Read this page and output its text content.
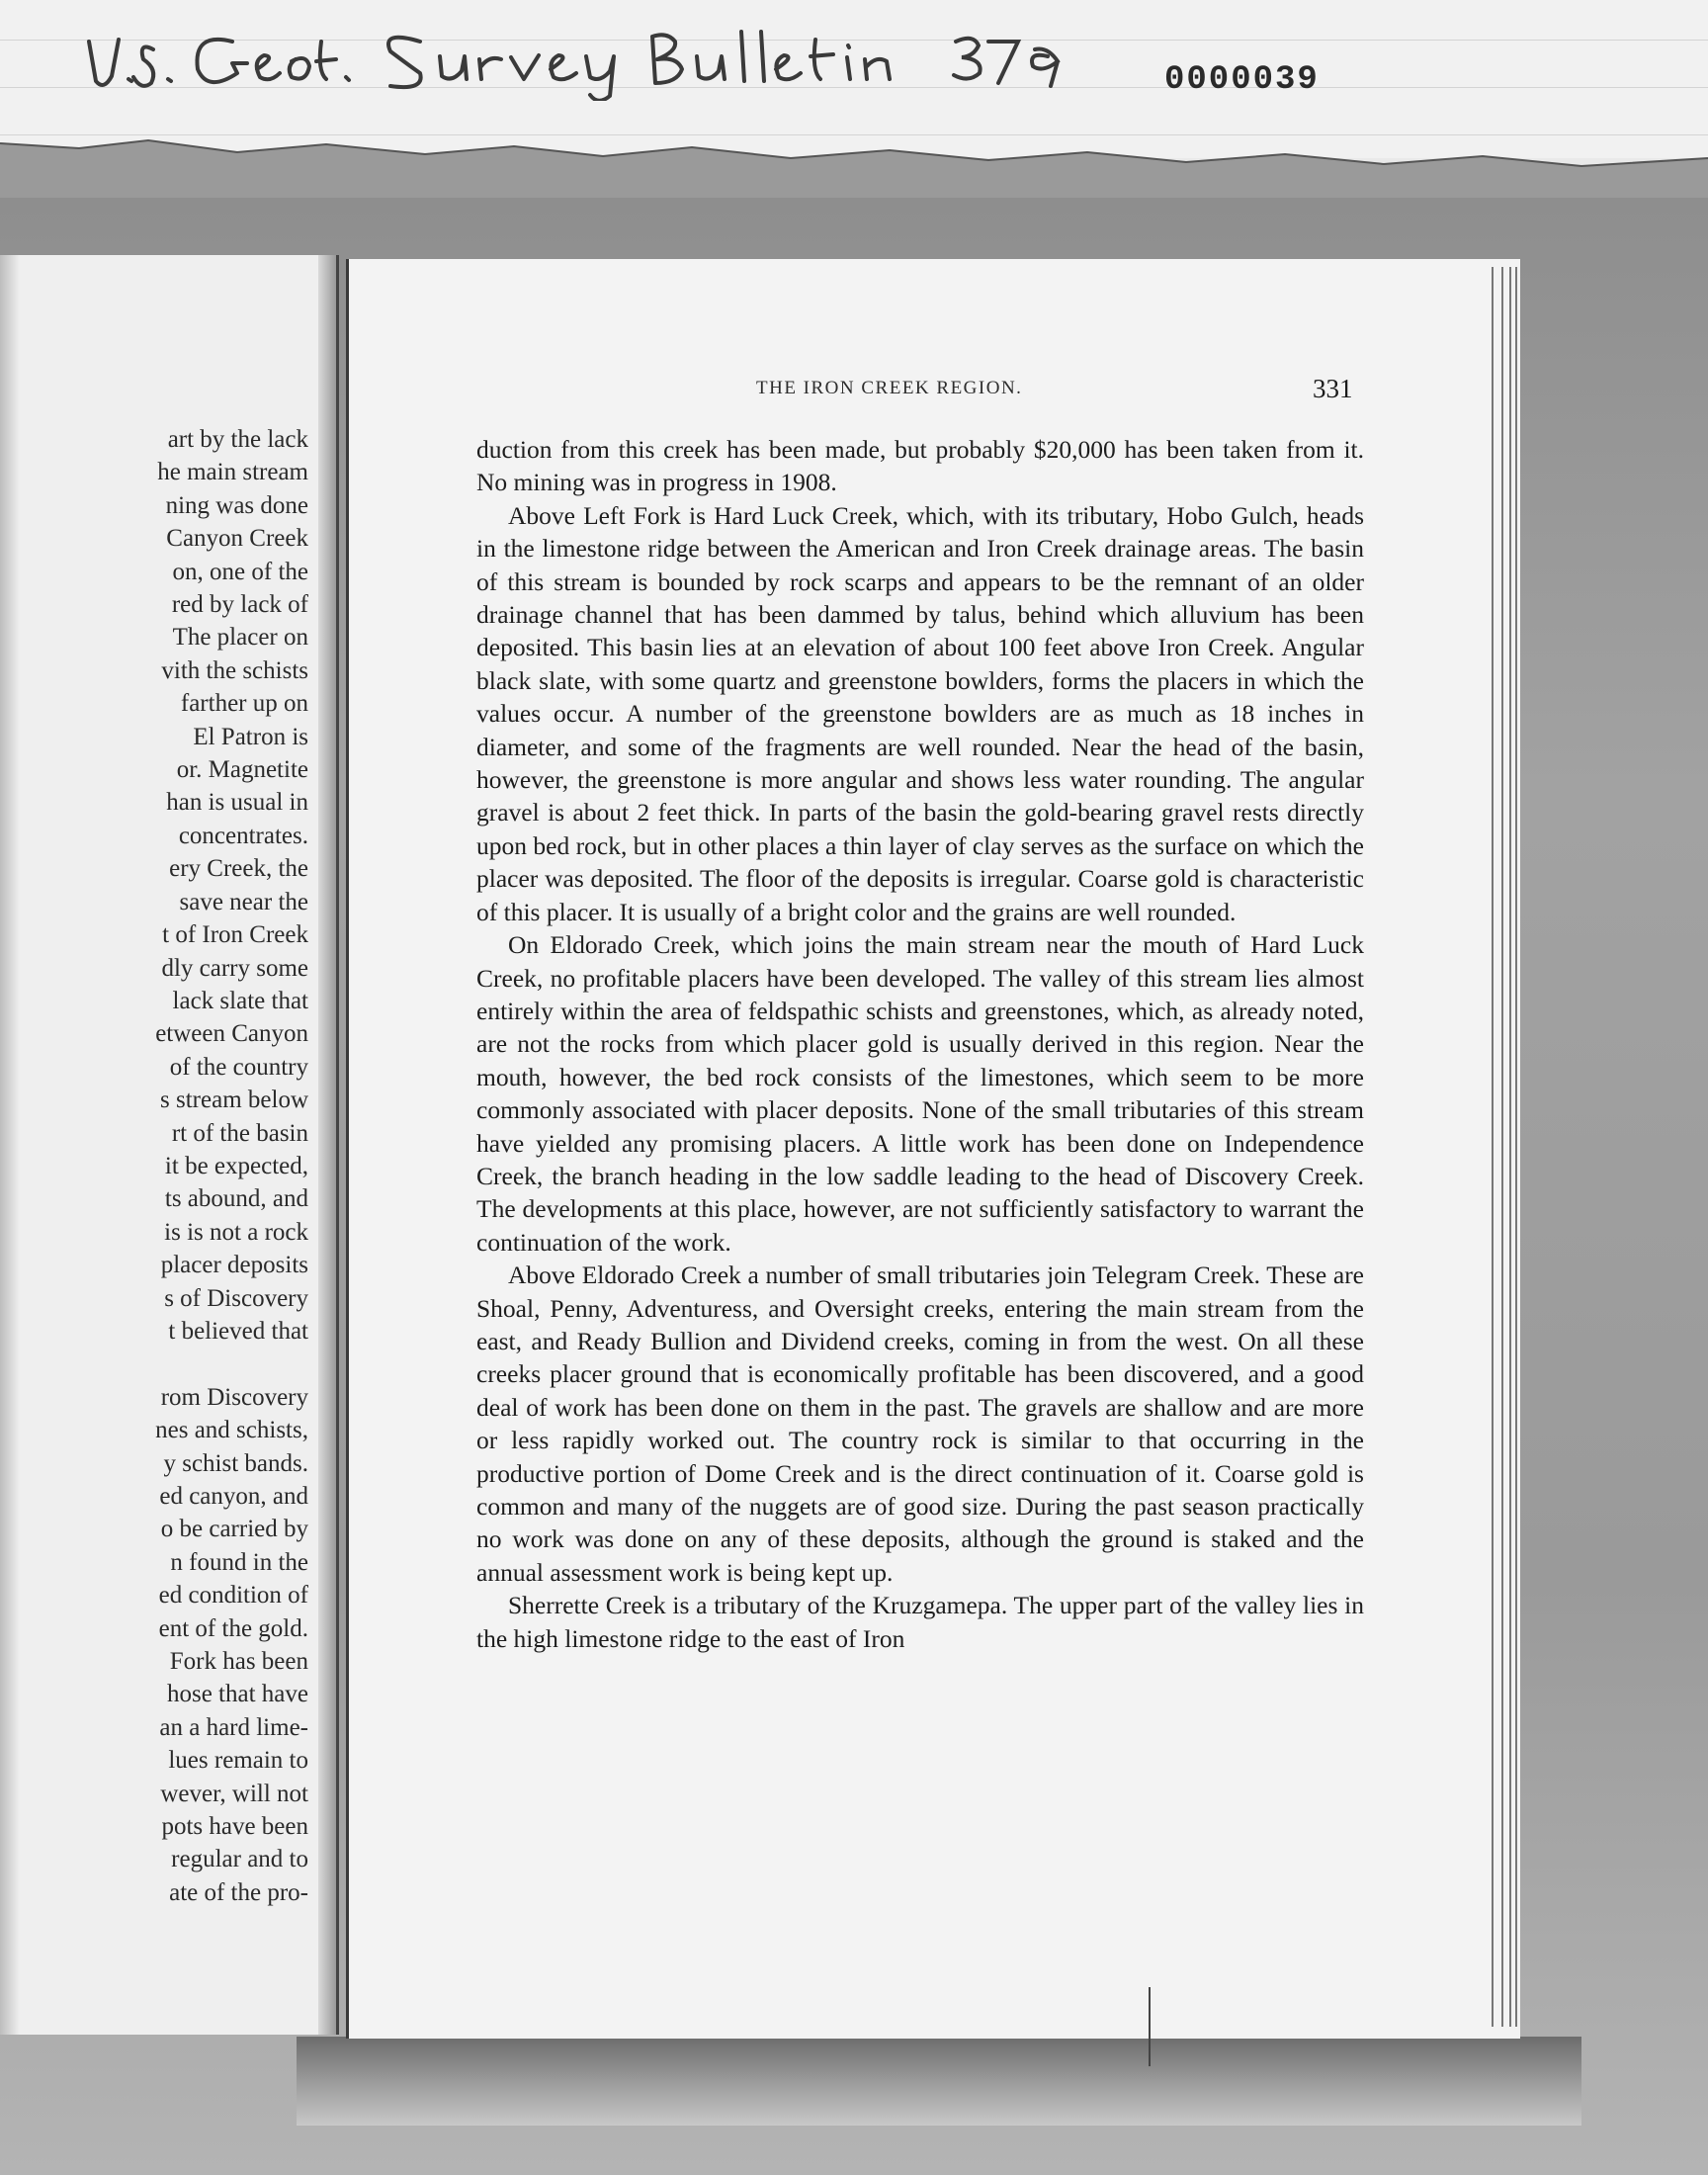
0000039
art by the lack
he main stream
ning was done
Canyon Creek
on, one of the
red by lack of
The placer on
vith the schists
farther up on
El Patron is
or. Magnetite
han is usual in
concentrates.
ery Creek, the
save near the
t of Iron Creek
dly carry some
lack slate that
etween Canyon
of the country
s stream below
rt of the basin
it be expected,
ts abound, and
is is not a rock
placer deposits
s of Discovery
t believed that
rom Discovery
nes and schists,
y schist bands.
ed canyon, and
o be carried by
n found in the
ed condition of
ent of the gold.
Fork has been
hose that have
an a hard lime-
lues remain to
wever, will not
pots have been
regular and to
ate of the pro-
THE IRON CREEK REGION.	331

duction from this creek has been made, but probably $20,000 has been taken from it. No mining was in progress in 1908.

Above Left Fork is Hard Luck Creek, which, with its tributary, Hobo Gulch, heads in the limestone ridge between the American and Iron Creek drainage areas. The basin of this stream is bounded by rock scarps and appears to be the remnant of an older drainage channel that has been dammed by talus, behind which alluvium has been deposited. This basin lies at an elevation of about 100 feet above Iron Creek. Angular black slate, with some quartz and greenstone bowlders, forms the placers in which the values occur. A number of the greenstone bowlders are as much as 18 inches in diameter, and some of the fragments are well rounded. Near the head of the basin, however, the greenstone is more angular and shows less water rounding. The angular gravel is about 2 feet thick. In parts of the basin the gold-bearing gravel rests directly upon bed rock, but in other places a thin layer of clay serves as the surface on which the placer was deposited. The floor of the deposits is irregular. Coarse gold is characteristic of this placer. It is usually of a bright color and the grains are well rounded.

On Eldorado Creek, which joins the main stream near the mouth of Hard Luck Creek, no profitable placers have been developed. The valley of this stream lies almost entirely within the area of feldspathic schists and greenstones, which, as already noted, are not the rocks from which placer gold is usually derived in this region. Near the mouth, however, the bed rock consists of the limestones, which seem to be more commonly associated with placer deposits. None of the small tributaries of this stream have yielded any promising placers. A little work has been done on Independence Creek, the branch heading in the low saddle leading to the head of Discovery Creek. The developments at this place, however, are not sufficiently satisfactory to warrant the continuation of the work.

Above Eldorado Creek a number of small tributaries join Telegram Creek. These are Shoal, Penny, Adventuress, and Oversight creeks, entering the main stream from the east, and Ready Bullion and Dividend creeks, coming in from the west. On all these creeks placer ground that is economically profitable has been discovered, and a good deal of work has been done on them in the past. The gravels are shallow and are more or less rapidly worked out. The country rock is similar to that occurring in the productive portion of Dome Creek and is the direct continuation of it. Coarse gold is common and many of the nuggets are of good size. During the past season practically no work was done on any of these deposits, although the ground is staked and the annual assessment work is being kept up.

Sherrette Creek is a tributary of the Kruzgamepa. The upper part of the valley lies in the high limestone ridge to the east of Iron
